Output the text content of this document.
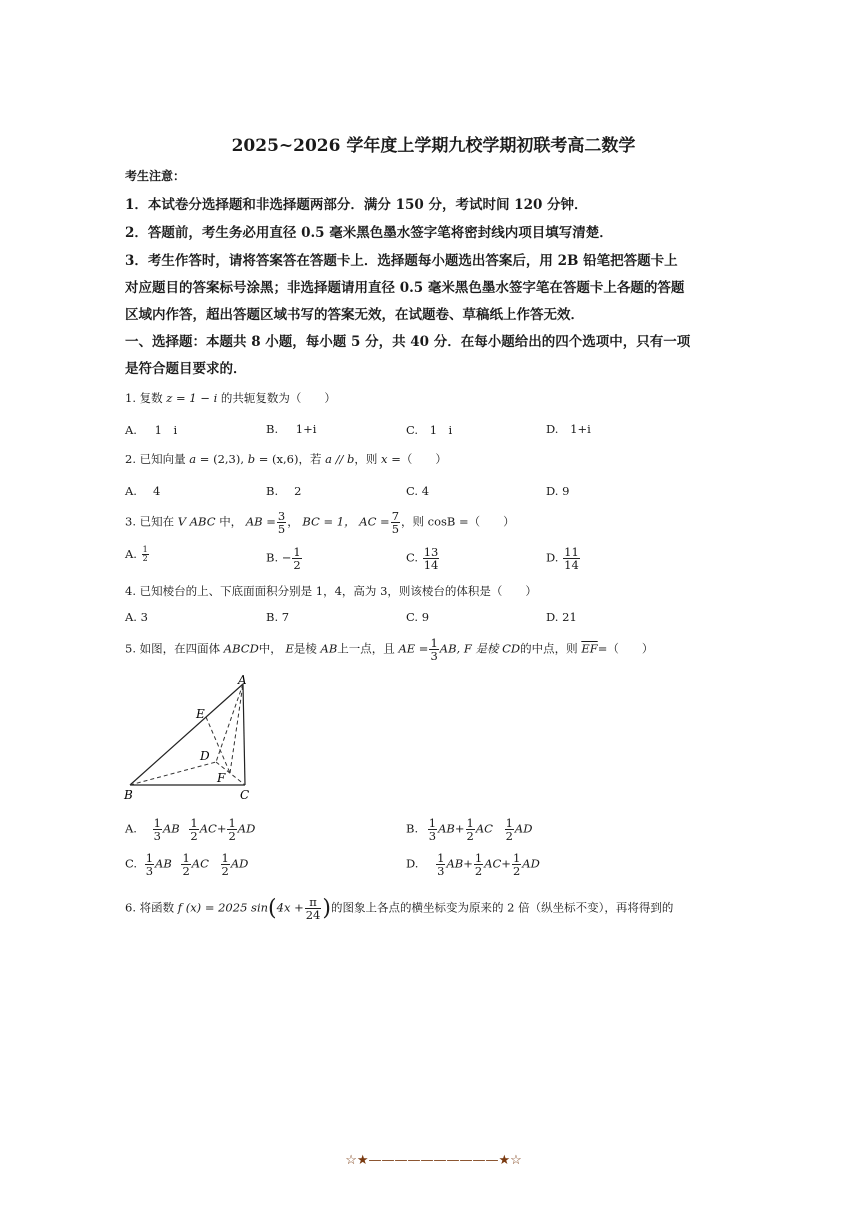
2025~2026 学年度上学期九校学期初联考高二数学
考生注意：
1．本试卷分选择题和非选择题两部分．满分 150 分，考试时间 120 分钟．
2．答题前，考生务必用直径 0.5 毫米黑色墨水签字笔将密封线内项目填写清楚．
3．考生作答时，请将答案答在答题卡上．选择题每小题选出答案后，用 2B 铅笔把答题卡上
对应题目的答案标号涂黑；非选择题请用直径 0.5 毫米黑色墨水签字笔在答题卡上各题的答题
区域内作答，超出答题区域书写的答案无效，在试题卷、草稿纸上作答无效．
一、选择题：本题共 8 小题，每小题 5 分，共 40 分．在每小题给出的四个选项中，只有一项
是符合题目要求的．
1. 复数 z = 1 − i 的共轭复数为（　　）
A. 1　i	B. 1+i	C. 1　i	D. 1+i
2. 已知向量 a = (2,3), b = (x,6)，若 a // b，则 x =（　　）
A. 4	B. 2	C. 4	D. 9
3. 已知在 V ABC 中， AB = $\frac{3}{5}$ ， BC = 1， AC = $\frac{7}{5}$ ，则 cosB =（　　）
A. $\frac{1}{2}$	B. − $\frac{1}{2}$	C. $\frac{13}{14}$	D. $\frac{11}{14}$
4. 已知棱台的上、下底面面积分别是 1，4，高为 3，则该棱台的体积是（　　）
A. 3	B. 7	C. 9	D. 21
5. 如图，在四面体 ABCD中， E是棱 AB上一点，且 AE = $\frac{1}{3}$ AB, F 是棱 CD的中点，则 $\overline{EF}=$（　　）
A
E
D
F
B	C
A. $\frac{1}{3}$ AB $\frac{1}{2} AC+ \frac{1}{2}$ AD	B. $\frac{1}{3} AB+ \frac{1}{2}$ AC $\frac{1}{2}$ AD
C. $\frac{1}{3}$ AB $\frac{1}{2}$ AC $\frac{1}{2}$ AD	D. $\frac{1}{3} AB+ \frac{1}{2} AC+ \frac{1}{2}$ AD
6. 将函数 f (x) = 2025 $\sin(4x + \frac{\pi}{24}$ )的图象上各点的横坐标变为原来的 2 倍（纵坐标不变），再将得到的
☆★——————————★☆
